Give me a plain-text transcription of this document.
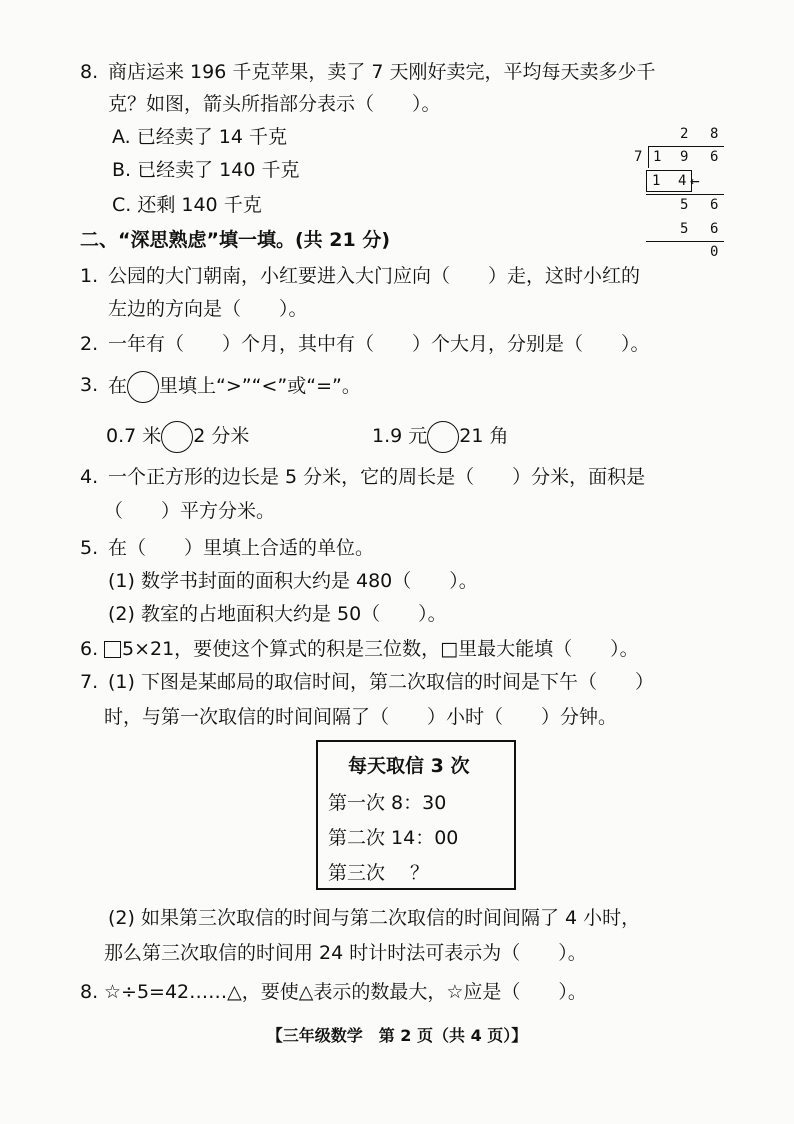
8. 商店运来 196 千克苹果，卖了 7 天刚好卖完，平均每天卖多少千
克？如图，箭头所指部分表示（　　）。
A. 已经卖了 14 千克
B. 已经卖了 140 千克
C. 还剩 140 千克
2 8
7 1 9 6
1 4 ←
5 6
5 6
0
二、“深思熟虑”填一填。(共 21 分)
1. 公园的大门朝南，小红要进入大门应向（　　）走，这时小红的
左边的方向是（　　）。
2. 一年有（　　）个月，其中有（　　）个大月，分别是（　　）。
3. 在 里填上“>”“<”或“=”。
0.7 米 2 分米	1.9 元 21 角
4. 一个正方形的边长是 5 分米，它的周长是（　　）分米，面积是
（　　）平方分米。
5. 在（　　）里填上合适的单位。
(1) 数学书封面的面积大约是 480（　　）。
(2) 教室的占地面积大约是 50（　　）。
6.	5×21，要使这个算式的积是三位数，□里最大能填（　　）。
7. (1) 下图是某邮局的取信时间，第二次取信的时间是下午（　　）
时，与第一次取信的时间间隔了（　　）小时（　　）分钟。
每天取信 3 次
第一次 8：30
第二次 14：00
第三次　 ？
(2) 如果第三次取信的时间与第二次取信的时间间隔了 4 小时，
那么第三次取信的时间用 24 时计时法可表示为（　　）。
8. ☆÷5=42……△，要使△表示的数最大，☆应是（　　）。
【三年级数学　第 2 页（共 4 页）】
